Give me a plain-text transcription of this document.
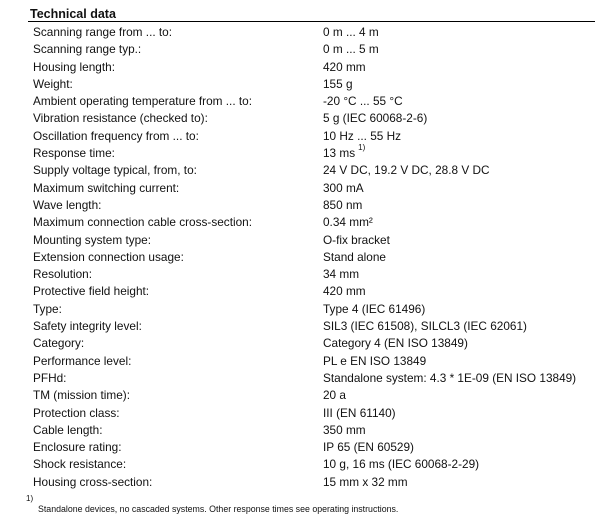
Technical data
Scanning range from ... to:	0 m ... 4 m
Scanning range typ.:	0 m ... 5 m
Housing length:	420 mm
Weight:	155 g
Ambient operating temperature from ... to:	-20 °C ... 55 °C
Vibration resistance (checked to):	5 g (IEC 60068-2-6)
Oscillation frequency from ... to:	10 Hz ... 55 Hz
Response time:	13 ms $^{1)}$
Supply voltage typical, from, to:	24 V DC, 19.2 V DC, 28.8 V DC
Maximum switching current:	300 mA
Wave length:	850 nm
Maximum connection cable cross-section:	0.34 mm²
Mounting system type:	O-fix bracket
Extension connection usage:	Stand alone
Resolution:	34 mm
Protective field height:	420 mm
Type:	Type 4 (IEC 61496)
Safety integrity level:	SIL3 (IEC 61508), SILCL3 (IEC 62061)
Category:	Category 4 (EN ISO 13849)
Performance level:	PL e EN ISO 13849
PFHd:	Standalone system: 4.3 * 1E-09 (EN ISO 13849)
TM (mission time):	20 a
Protection class:	III (EN 61140)
Cable length:	350 mm
Enclosure rating:	IP 65 (EN 60529)
Shock resistance:	10 g, 16 ms (IEC 60068-2-29)
Housing cross-section:	15 mm x 32 mm
1)
Standalone devices, no cascaded systems. Other response times see operating instructions.
